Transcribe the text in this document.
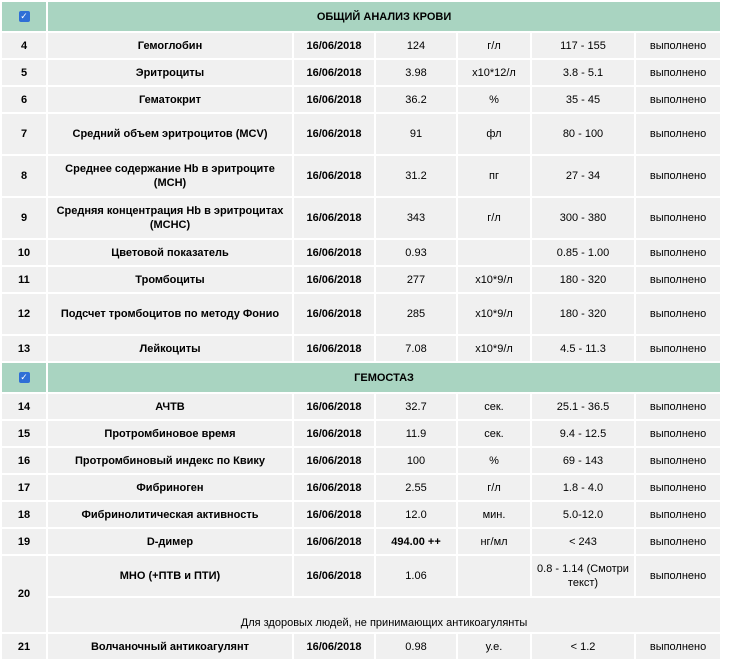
✓	ОБЩИЙ АНАЛИЗ КРОВИ					
4	Гемоглобин	16/06/2018	124	г/л	117 - 155	выполнено
5	Эритроциты	16/06/2018	3.98	x10*12/л	3.8 - 5.1	выполнено
6	Гематокрит	16/06/2018	36.2	%	35 - 45	выполнено
7	Средний объем эритроцитов (MCV)	16/06/2018	91	фл	80 - 100	выполнено
8	Среднее содержание Hb в эритроците (MCH)	16/06/2018	31.2	пг	27 - 34	выполнено
9	Средняя концентрация Hb в эритроцитах (MCHC)	16/06/2018	343	г/л	300 - 380	выполнено
10	Цветовой показатель	16/06/2018	0.93		0.85 - 1.00	выполнено
11	Тромбоциты	16/06/2018	277	x10*9/л	180 - 320	выполнено
12	Подсчет тромбоцитов по методу Фонио	16/06/2018	285	x10*9/л	180 - 320	выполнено
13	Лейкоциты	16/06/2018	7.08	x10*9/л	4.5 - 11.3	выполнено
✓	ГЕМОСТАЗ					
14	АЧТВ	16/06/2018	32.7	сек.	25.1 - 36.5	выполнено
15	Протромбиновое время	16/06/2018	11.9	сек.	9.4 - 12.5	выполнено
16	Протромбиновый индекс по Квику	16/06/2018	100	%	69 - 143	выполнено
17	Фибриноген	16/06/2018	2.55	г/л	1.8 - 4.0	выполнено
18	Фибринолитическая активность	16/06/2018	12.0	мин.	5.0-12.0	выполнено
19	D-димер	16/06/2018	494.00 ++	нг/мл	< 243	выполнено
20	МНО (+ПТВ и ПТИ)	16/06/2018	1.06		0.8 - 1.14 (Смотри текст)	выполнено
	Для здоровых людей, не принимающих антикоагулянты					
21	Волчаночный антикоагулянт	16/06/2018	0.98	у.е.	< 1.2	выполнено
